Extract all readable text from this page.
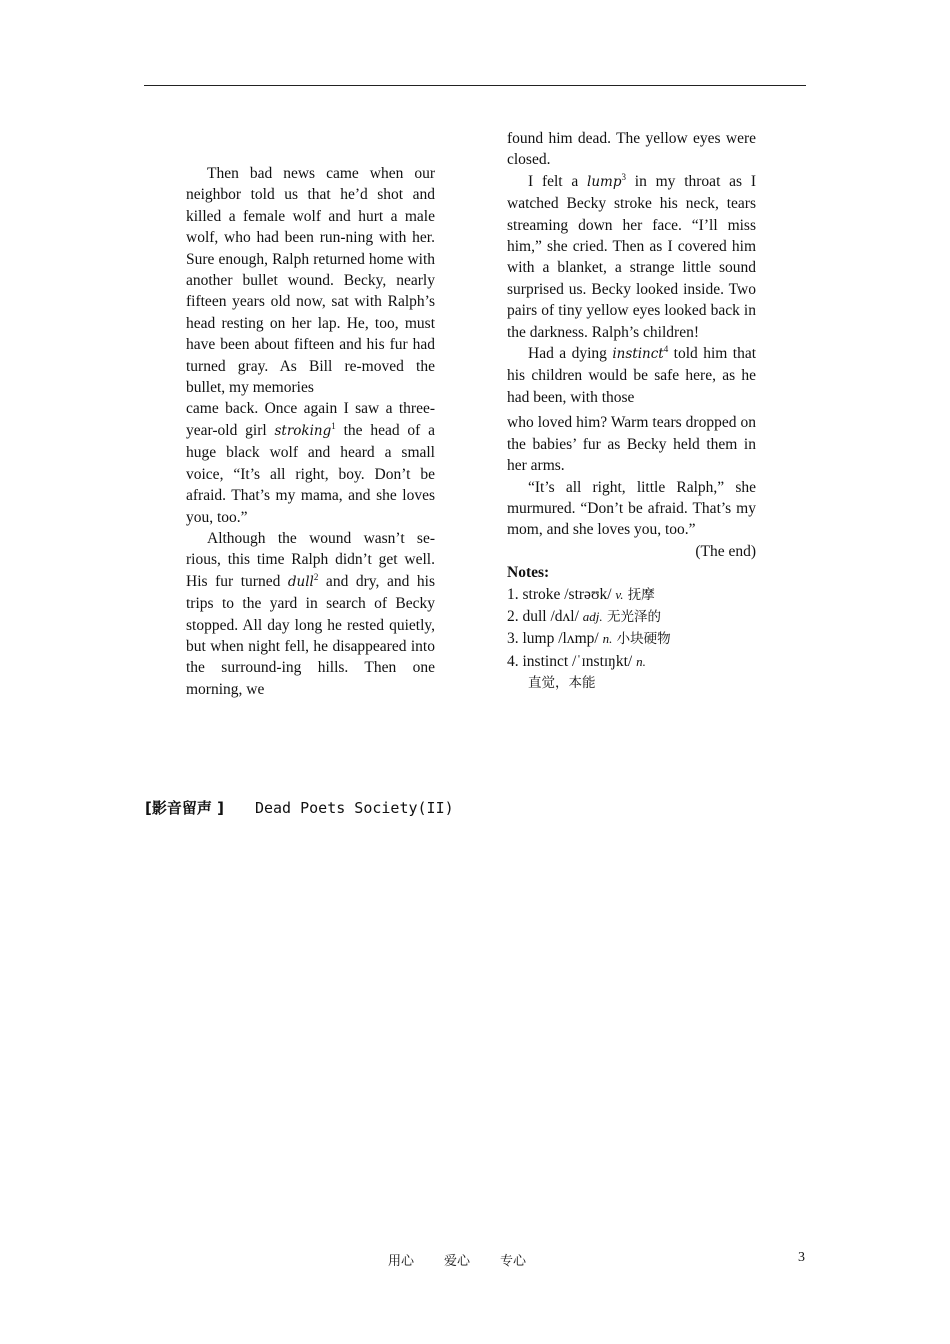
Then bad news came when our neighbor told us that he’d shot and killed a female wolf and hurt a male wolf, who had been run-ning with her. Sure enough, Ralph returned home with another bullet wound. Becky, nearly fifteen years old now, sat with Ralph’s head resting on her lap. He, too, must have been about fifteen and his fur had turned gray. As Bill re-moved the bullet, my memories

came back. Once again I saw a three-year-old girl stroking$^1$ the head of a huge black wolf and heard a small voice, “It’s all right, boy. Don’t be afraid. That’s my mama, and she loves you, too.”

Although the wound wasn’t se-rious, this time Ralph didn’t get well. His fur turned dull$^2$ and dry, and his trips to the yard in search of Becky stopped. All day long he rested quietly, but when night fell, he disappeared into the surround-ing hills. Then one morning, we

found him dead. The yellow eyes were closed.

I felt a lump$^3$ in my throat as I watched Becky stroke his neck, tears streaming down her face. “I’ll miss him,” she cried. Then as I covered him with a blanket, a strange little sound surprised us. Becky looked inside. Two pairs of tiny yellow eyes looked back in the darkness. Ralph’s children!

Had a dying instinct$^4$ told him that his children would be safe here, as he had been, with those

who loved him? Warm tears dropped on the babies’ fur as Becky held them in her arms.

“It’s all right, little Ralph,” she murmured. “Don’t be afraid. That’s my mom, and she loves you, too.”

(The end)

Notes:

1. stroke /strəʊk/ v. 抚摩

2. dull /dʌl/ adj. 无光泽的

3. lump /lʌmp/ n. 小块硬物

4. instinct /ˈɪnstɪŋkt/ n.

直觉，本能

[影音留声 ] Dead Poets Society(II)
用心 爱心 专心	3
